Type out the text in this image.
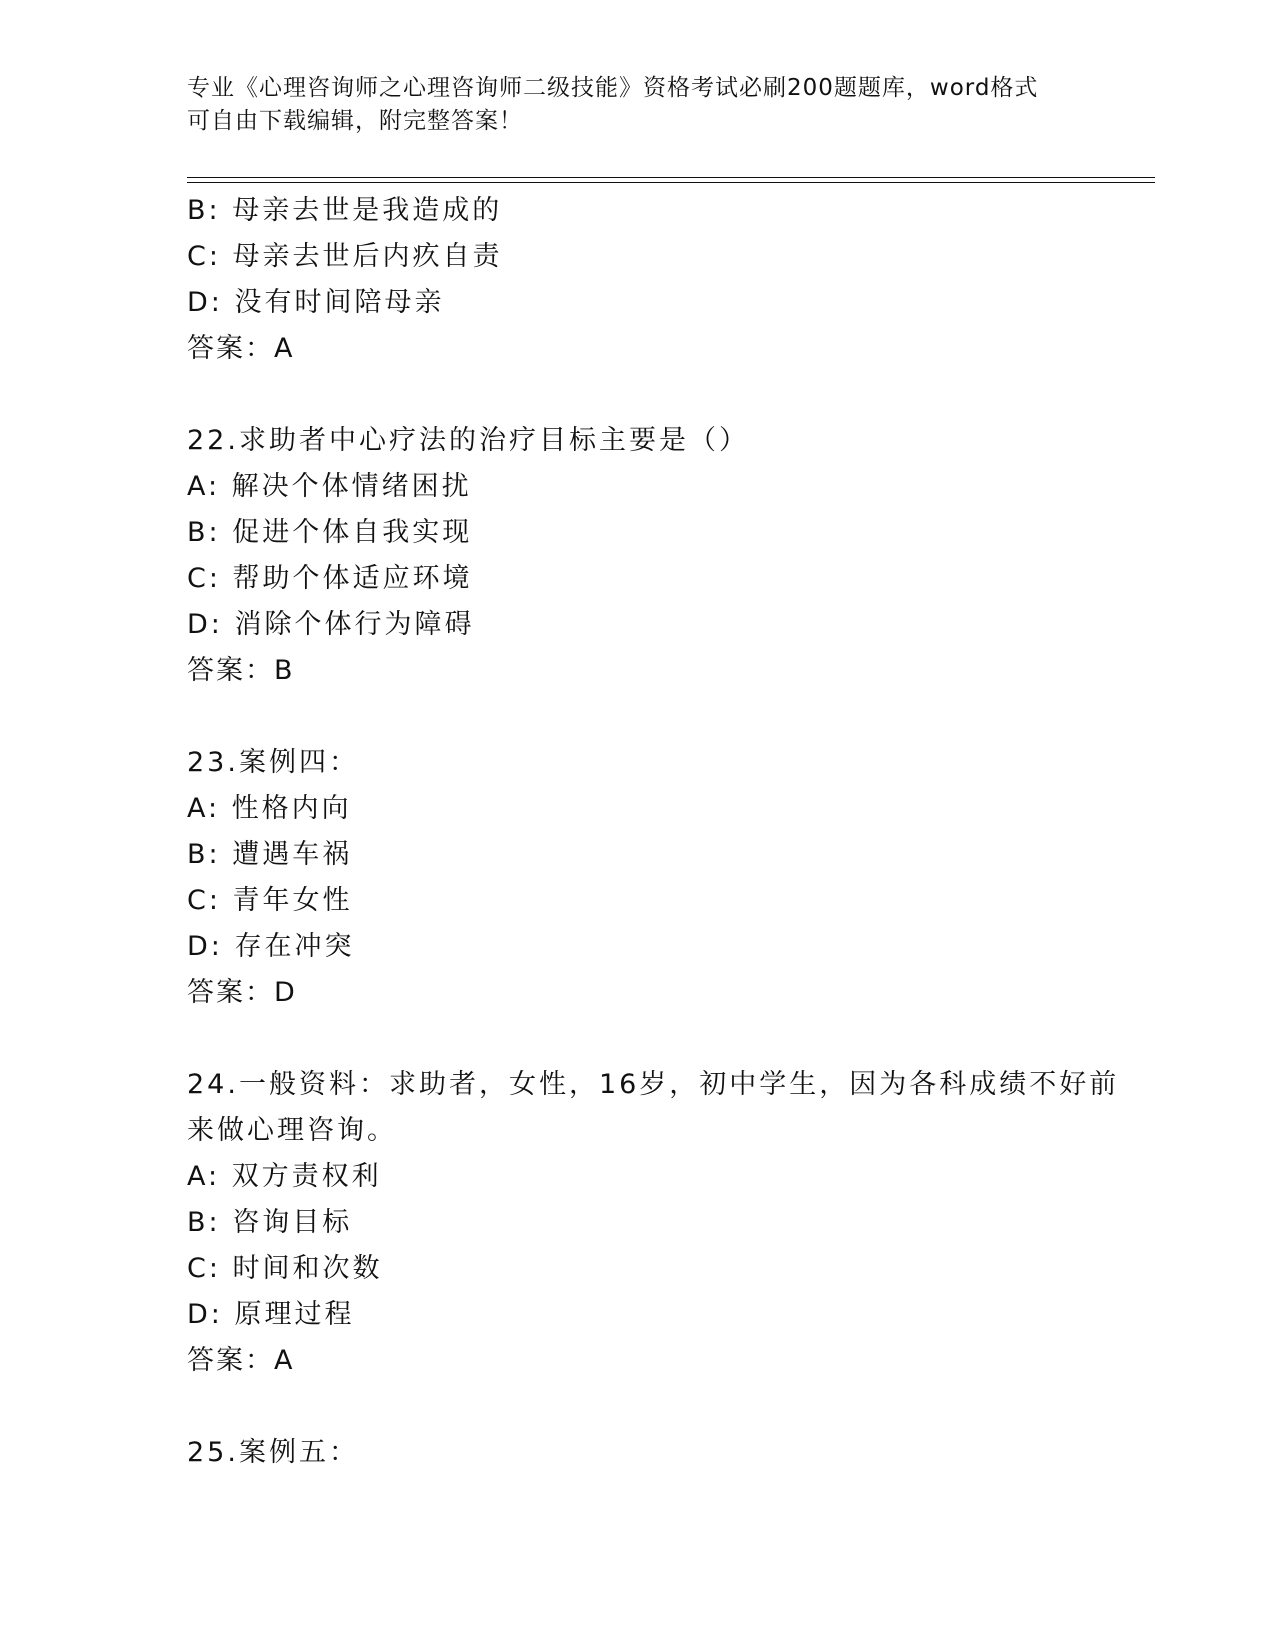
专业《心理咨询师之心理咨询师二级技能》资格考试必刷200题题库，word格式
可自由下载编辑，附完整答案！
B: 母亲去世是我造成的
C: 母亲去世后内疚自责
D: 没有时间陪母亲
答案：A
22.求助者中心疗法的治疗目标主要是（）
A: 解决个体情绪困扰
B: 促进个体自我实现
C: 帮助个体适应环境
D: 消除个体行为障碍
答案：B
23.案例四：
A: 性格内向
B: 遭遇车祸
C: 青年女性
D: 存在冲突
答案：D
24.一般资料：求助者，女性，16岁，初中学生，因为各科成绩不好前
来做心理咨询。
A: 双方责权利
B: 咨询目标
C: 时间和次数
D: 原理过程
答案：A
25.案例五：
